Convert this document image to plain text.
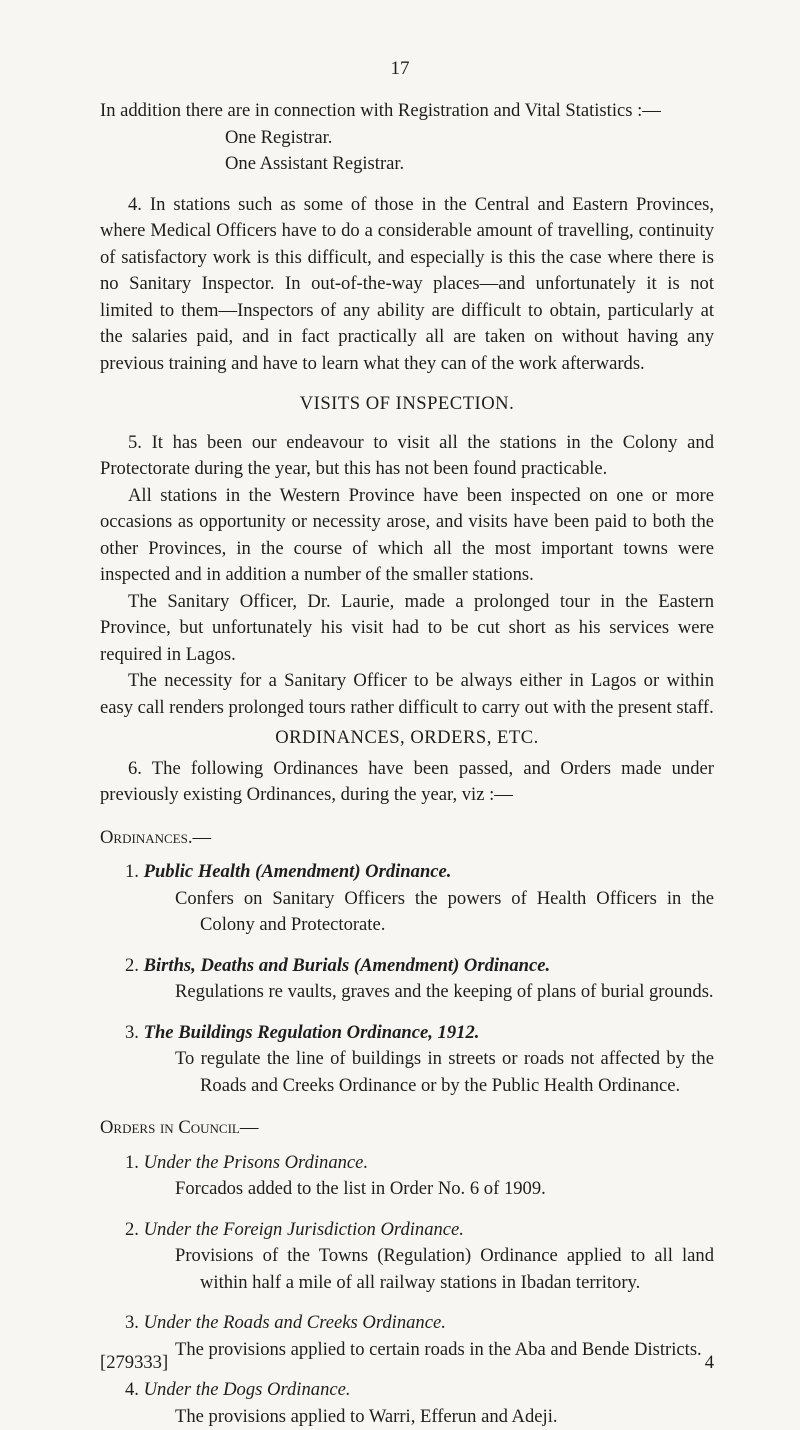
17

In addition there are in connection with Registration and Vital Statistics :—

One Registrar.

One Assistant Registrar.

4. In stations such as some of those in the Central and Eastern Provinces, where Medical Officers have to do a considerable amount of travelling, continuity of satisfactory work is this difficult, and especially is this the case where there is no Sanitary Inspector. In out-of-the-way places—and unfortunately it is not limited to them—Inspectors of any ability are difficult to obtain, particularly at the salaries paid, and in fact practically all are taken on without having any previous training and have to learn what they can of the work afterwards.

VISITS OF INSPECTION.

5. It has been our endeavour to visit all the stations in the Colony and Protectorate during the year, but this has not been found practicable.

All stations in the Western Province have been inspected on one or more occasions as opportunity or necessity arose, and visits have been paid to both the other Provinces, in the course of which all the most important towns were inspected and in addition a number of the smaller stations.

The Sanitary Officer, Dr. Laurie, made a prolonged tour in the Eastern Province, but unfortunately his visit had to be cut short as his services were required in Lagos.

The necessity for a Sanitary Officer to be always either in Lagos or within easy call renders prolonged tours rather difficult to carry out with the present staff.

ORDINANCES, ORDERS, ETC.

6. The following Ordinances have been passed, and Orders made under previously existing Ordinances, during the year, viz :—

Ordinances.—

1. Public Health (Amendment) Ordinance.

Confers on Sanitary Officers the powers of Health Officers in the Colony and Protectorate.

2. Births, Deaths and Burials (Amendment) Ordinance.

Regulations re vaults, graves and the keeping of plans of burial grounds.

3. The Buildings Regulation Ordinance, 1912.

To regulate the line of buildings in streets or roads not affected by the Roads and Creeks Ordinance or by the Public Health Ordinance.

Orders in Council—

1. Under the Prisons Ordinance.

Forcados added to the list in Order No. 6 of 1909.

2. Under the Foreign Jurisdiction Ordinance.

Provisions of the Towns (Regulation) Ordinance applied to all land within half a mile of all railway stations in Ibadan territory.

3. Under the Roads and Creeks Ordinance.

The provisions applied to certain roads in the Aba and Bende Districts.

4. Under the Dogs Ordinance.

The provisions applied to Warri, Efferun and Adeji.

[279333]	4
